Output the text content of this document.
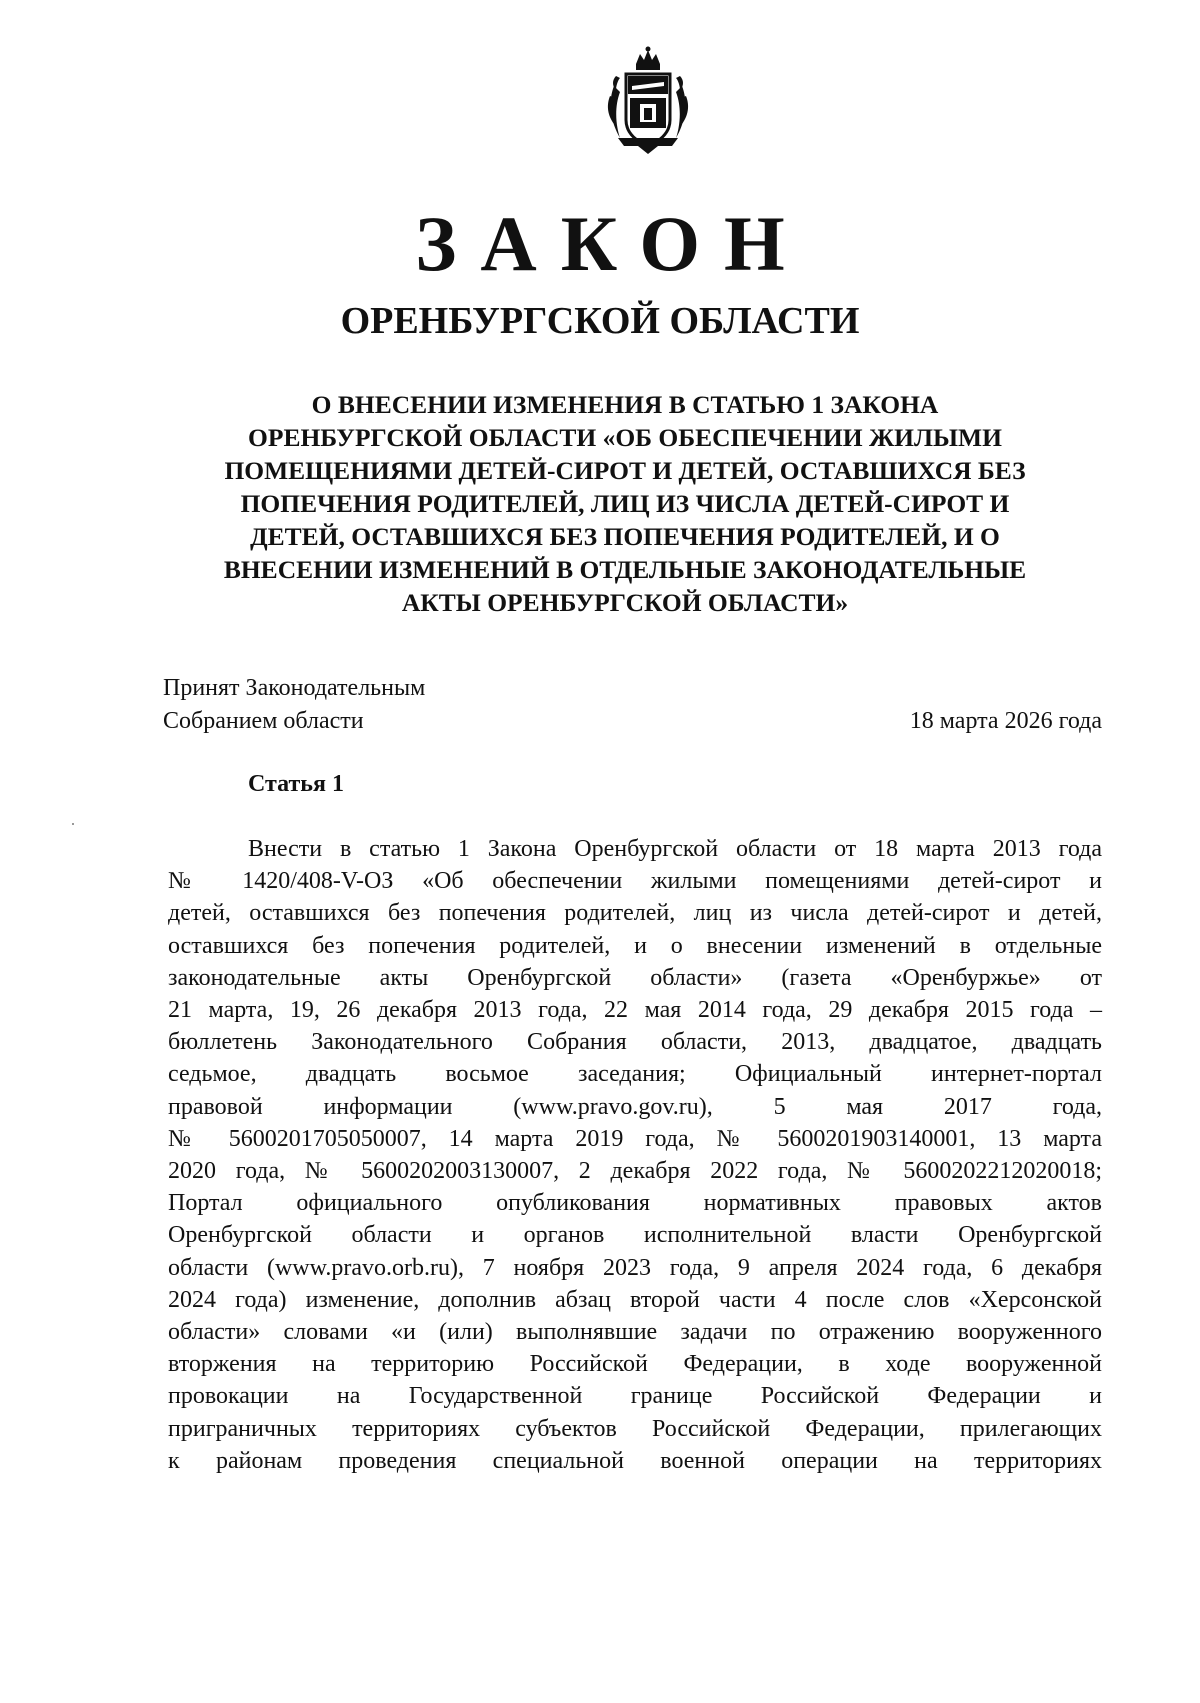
ЗАКОН
ОРЕНБУРГСКОЙ ОБЛАСТИ
О ВНЕСЕНИИ ИЗМЕНЕНИЯ В СТАТЬЮ 1 ЗАКОНА
ОРЕНБУРГСКОЙ ОБЛАСТИ «ОБ ОБЕСПЕЧЕНИИ ЖИЛЫМИ
ПОМЕЩЕНИЯМИ ДЕТЕЙ-СИРОТ И ДЕТЕЙ, ОСТАВШИХСЯ БЕЗ
ПОПЕЧЕНИЯ РОДИТЕЛЕЙ, ЛИЦ ИЗ ЧИСЛА ДЕТЕЙ-СИРОТ И
ДЕТЕЙ, ОСТАВШИХСЯ БЕЗ ПОПЕЧЕНИЯ РОДИТЕЛЕЙ, И О
ВНЕСЕНИИ ИЗМЕНЕНИЙ В ОТДЕЛЬНЫЕ ЗАКОНОДАТЕЛЬНЫЕ
АКТЫ ОРЕНБУРГСКОЙ ОБЛАСТИ»
Принят Законодательным
Собранием области	18 марта 2026 года
Статья 1
Внести в статью 1 Закона Оренбургской области от 18 марта 2013 года
№ 1420/408-V-ОЗ «Об обеспечении жилыми помещениями детей-сирот и
детей, оставшихся без попечения родителей, лиц из числа детей-сирот и детей,
оставшихся без попечения родителей, и о внесении изменений в отдельные
законодательные акты Оренбургской области» (газета «Оренбуржье» от
21 марта, 19, 26 декабря 2013 года, 22 мая 2014 года, 29 декабря 2015 года –
бюллетень Законодательного Собрания области, 2013, двадцатое, двадцать
седьмое, двадцать восьмое заседания; Официальный интернет-портал
правовой информации (www.pravo.gov.ru), 5 мая 2017 года,
№ 5600201705050007, 14 марта 2019 года, № 5600201903140001, 13 марта
2020 года, № 5600202003130007, 2 декабря 2022 года, № 5600202212020018;
Портал официального опубликования нормативных правовых актов
Оренбургской области и органов исполнительной власти Оренбургской
области (www.pravo.orb.ru), 7 ноября 2023 года, 9 апреля 2024 года, 6 декабря
2024 года) изменение, дополнив абзац второй части 4 после слов «Херсонской
области» словами «и (или) выполнявшие задачи по отражению вооруженного
вторжения на территорию Российской Федерации, в ходе вооруженной
провокации на Государственной границе Российской Федерации и
приграничных территориях субъектов Российской Федерации, прилегающих
к районам проведения специальной военной операции на территориях
